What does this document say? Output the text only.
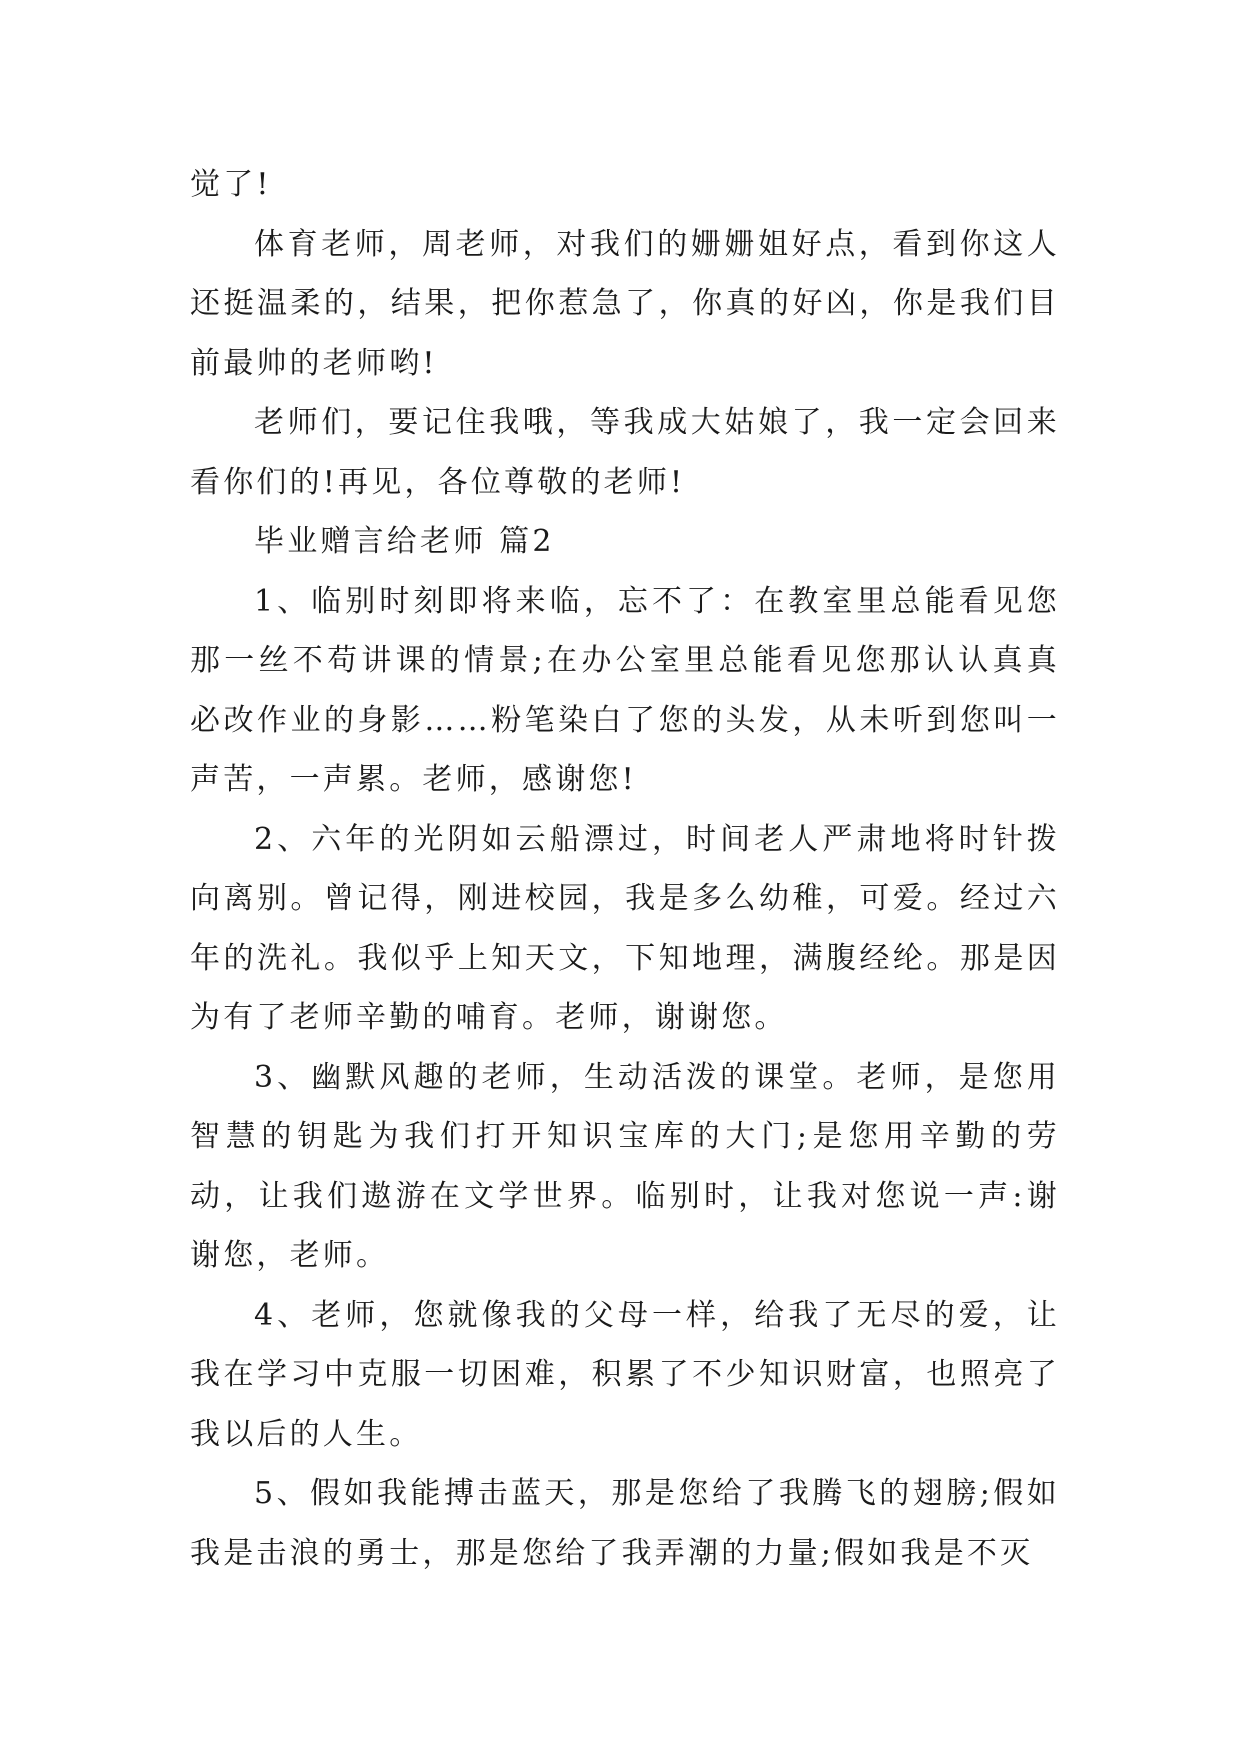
觉了!

体育老师，周老师，对我们的姗姗姐好点，看到你这人还挺温柔的，结果，把你惹急了，你真的好凶，你是我们目前最帅的老师哟!

老师们，要记住我哦，等我成大姑娘了，我一定会回来看你们的!再见，各位尊敬的老师!

毕业赠言给老师 篇2

1、临别时刻即将来临，忘不了：在教室里总能看见您那一丝不苟讲课的情景;在办公室里总能看见您那认认真真必改作业的身影……粉笔染白了您的头发，从未听到您叫一声苦，一声累。老师，感谢您!

2、六年的光阴如云船漂过，时间老人严肃地将时针拨向离别。曾记得，刚进校园，我是多么幼稚，可爱。经过六年的洗礼。我似乎上知天文，下知地理，满腹经纶。那是因为有了老师辛勤的哺育。老师，谢谢您。

3、幽默风趣的老师，生动活泼的课堂。老师，是您用智慧的钥匙为我们打开知识宝库的大门;是您用辛勤的劳动，让我们遨游在文学世界。临别时，让我对您说一声:谢谢您，老师。

4、老师，您就像我的父母一样，给我了无尽的爱，让我在学习中克服一切困难，积累了不少知识财富，也照亮了我以后的人生。

5、假如我能搏击蓝天，那是您给了我腾飞的翅膀;假如我是击浪的勇士，那是您给了我弄潮的力量;假如我是不灭
